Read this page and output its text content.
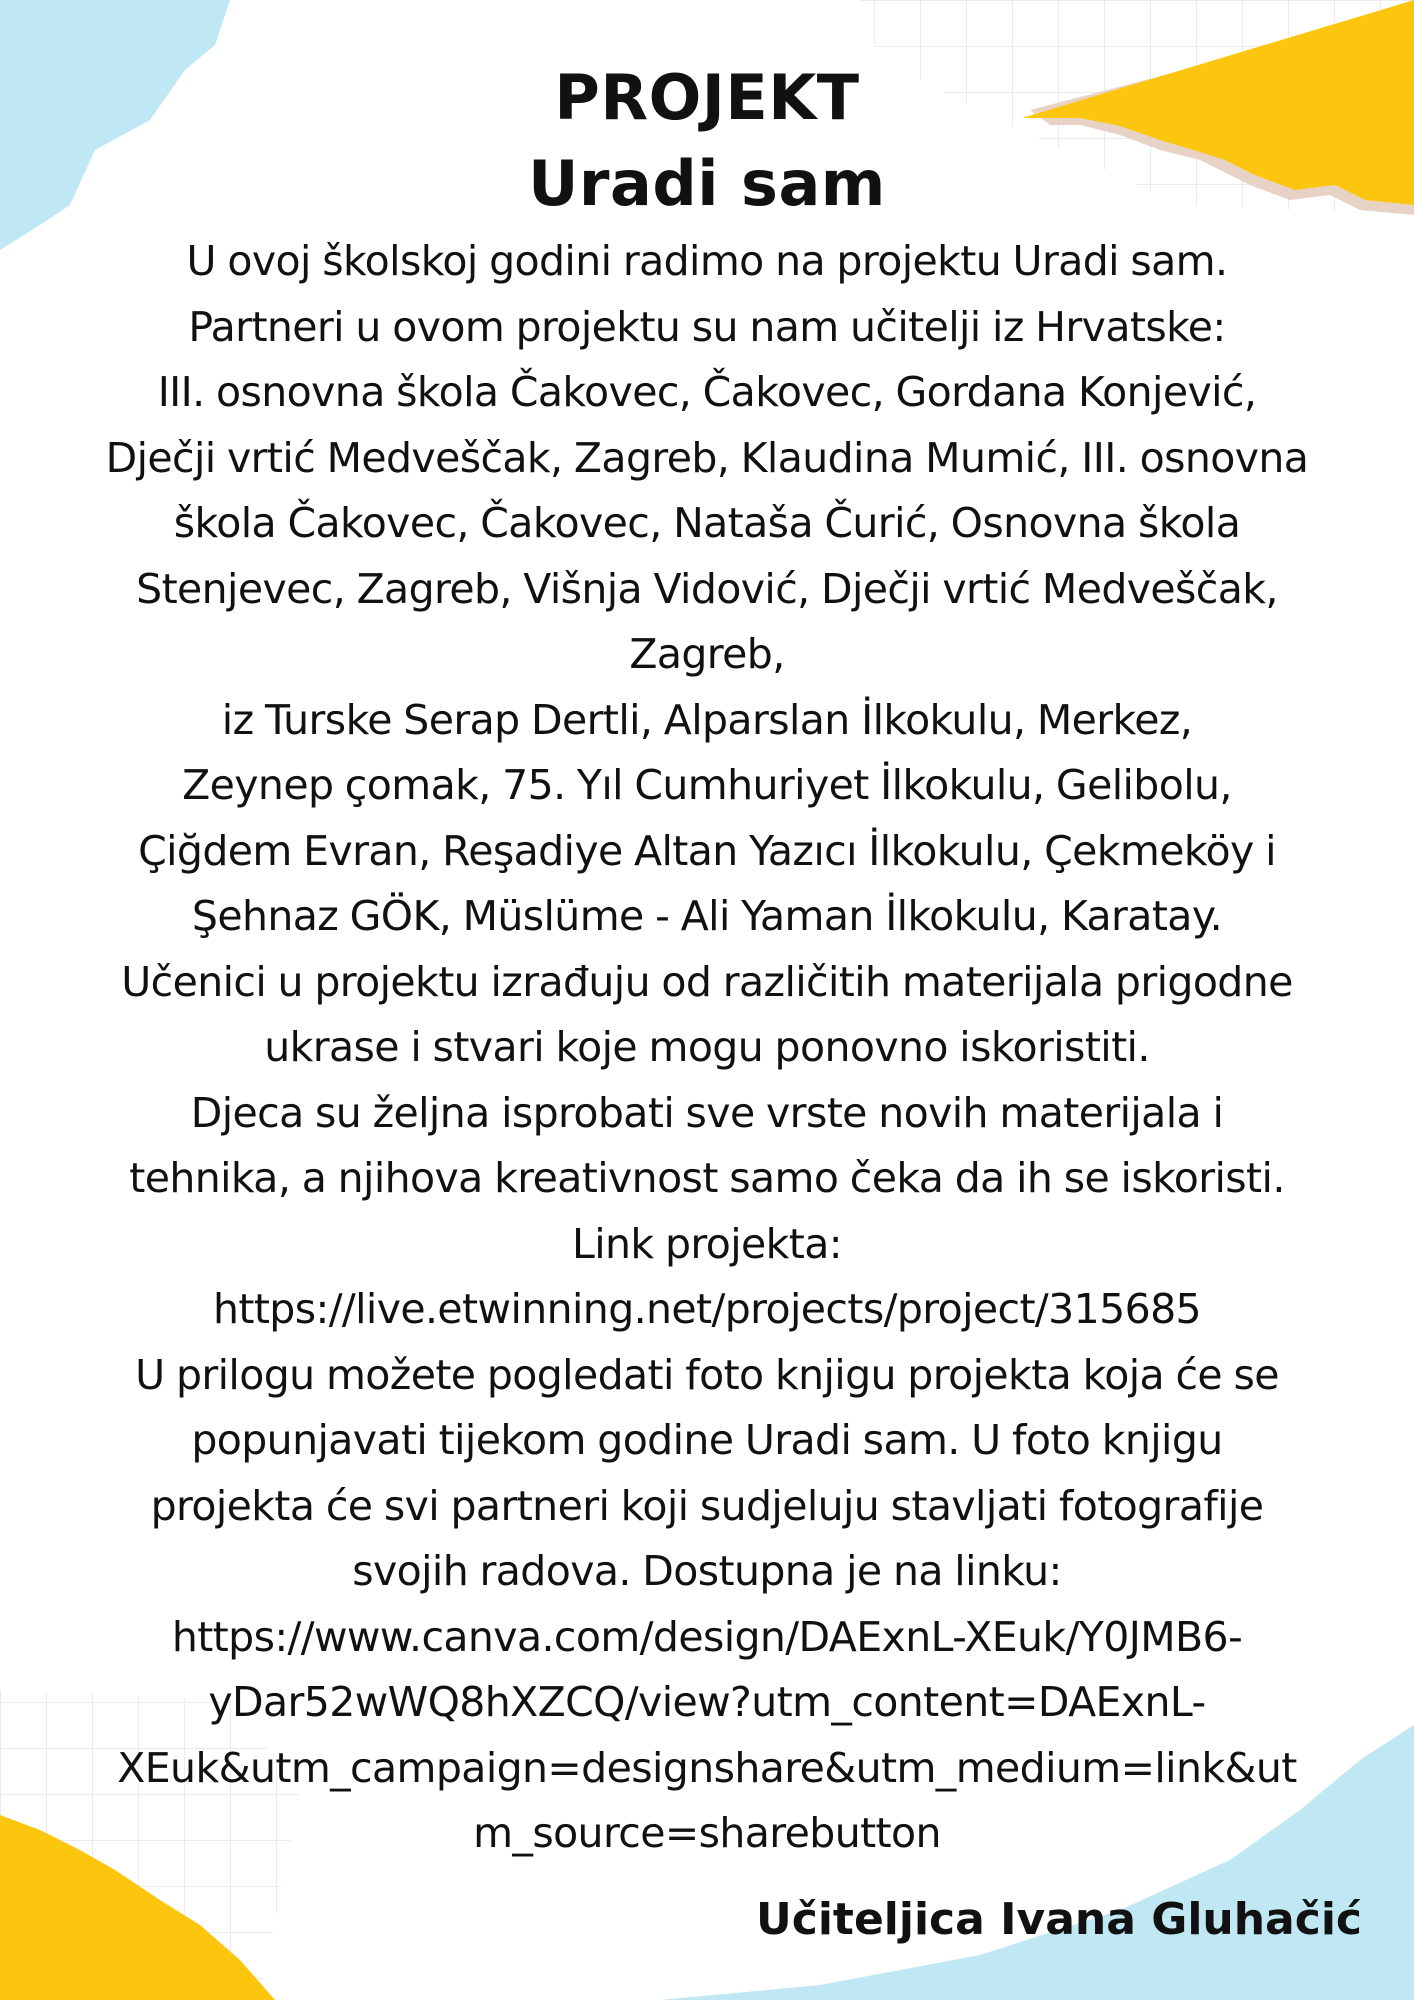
PROJEKT
Uradi sam
U ovoj školskoj godini radimo na projektu Uradi sam.
Partneri u ovom projektu su nam učitelji iz Hrvatske:
III. osnovna škola Čakovec, Čakovec, Gordana Konjević,
Dječji vrtić Medveščak, Zagreb, Klaudina Mumić, III. osnovna
škola Čakovec, Čakovec, Nataša Čurić, Osnovna škola
Stenjevec, Zagreb, Višnja Vidović, Dječji vrtić Medveščak,
Zagreb,
iz Turske Serap Dertli, Alparslan İlkokulu, Merkez,
Zeynep çomak, 75. Yıl Cumhuriyet İlkokulu, Gelibolu,
Çiğdem Evran, Reşadiye Altan Yazıcı İlkokulu, Çekmeköy i
Şehnaz GÖK, Müslüme - Ali Yaman İlkokulu, Karatay.
Učenici u projektu izrađuju od različitih materijala prigodne
ukrase i stvari koje mogu ponovno iskoristiti.
Djeca su željna isprobati sve vrste novih materijala i
tehnika, a njihova kreativnost samo čeka da ih se iskoristi.
Link projekta:
https://live.etwinning.net/projects/project/315685
U prilogu možete pogledati foto knjigu projekta koja će se
popunjavati tijekom godine Uradi sam. U foto knjigu
projekta će svi partneri koji sudjeluju stavljati fotografije
svojih radova. Dostupna je na linku:
https://www.canva.com/design/DAExnL-XEuk/Y0JMB6-
yDar52wWQ8hXZCQ/view?utm_content=DAExnL-
XEuk&utm_campaign=designshare&utm_medium=link&ut
m_source=sharebutton
Učiteljica Ivana Gluhačić
